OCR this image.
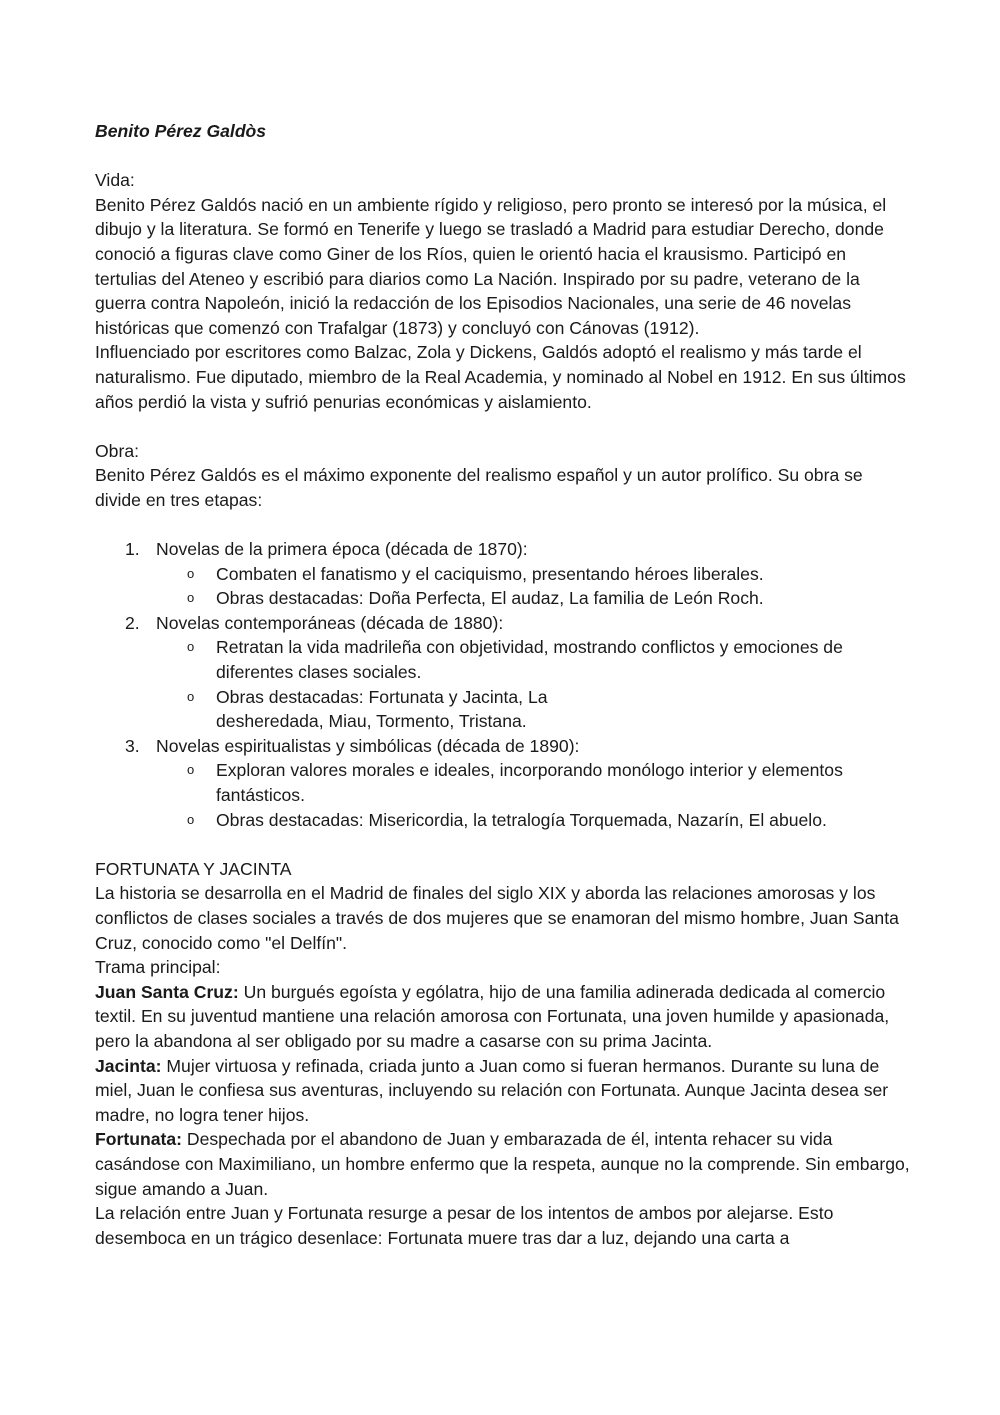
Benito Pérez Galdòs

Vida:

Benito Pérez Galdós nació en un ambiente rígido y religioso, pero pronto se interesó por la música, el dibujo y la literatura. Se formó en Tenerife y luego se trasladó a Madrid para estudiar Derecho, donde conoció a figuras clave como Giner de los Ríos, quien le orientó hacia el krausismo. Participó en tertulias del Ateneo y escribió para diarios como La Nación. Inspirado por su padre, veterano de la guerra contra Napoleón, inició la redacción de los Episodios Nacionales, una serie de 46 novelas históricas que comenzó con Trafalgar (1873) y concluyó con Cánovas (1912).

Influenciado por escritores como Balzac, Zola y Dickens, Galdós adoptó el realismo y más tarde el naturalismo. Fue diputado, miembro de la Real Academia, y nominado al Nobel en 1912. En sus últimos años perdió la vista y sufrió penurias económicas y aislamiento.

Obra:

Benito Pérez Galdós es el máximo exponente del realismo español y un autor prolífico. Su obra se divide en tres etapas:

1. Novelas de la primera época (década de 1870):
o Combaten el fanatismo y el caciquismo, presentando héroes liberales.
o Obras destacadas: Doña Perfecta, El audaz, La familia de León Roch.
2. Novelas contemporáneas (década de 1880):
o Retratan la vida madrileña con objetividad, mostrando conflictos y emociones de diferentes clases sociales.
o Obras destacadas: Fortunata y Jacinta, La desheredada, Miau, Tormento, Tristana.
3. Novelas espiritualistas y simbólicas (década de 1890):
o Exploran valores morales e ideales, incorporando monólogo interior y elementos fantásticos.
o Obras destacadas: Misericordia, la tetralogía Torquemada, Nazarín, El abuelo.

FORTUNATA Y JACINTA

La historia se desarrolla en el Madrid de finales del siglo XIX y aborda las relaciones amorosas y los conflictos de clases sociales a través de dos mujeres que se enamoran del mismo hombre, Juan Santa Cruz, conocido como "el Delfín".

Trama principal:

Juan Santa Cruz: Un burgués egoísta y ególatra, hijo de una familia adinerada dedicada al comercio textil. En su juventud mantiene una relación amorosa con Fortunata, una joven humilde y apasionada, pero la abandona al ser obligado por su madre a casarse con su prima Jacinta.

Jacinta: Mujer virtuosa y refinada, criada junto a Juan como si fueran hermanos. Durante su luna de miel, Juan le confiesa sus aventuras, incluyendo su relación con Fortunata. Aunque Jacinta desea ser madre, no logra tener hijos.

Fortunata: Despechada por el abandono de Juan y embarazada de él, intenta rehacer su vida casándose con Maximiliano, un hombre enfermo que la respeta, aunque no la comprende. Sin embargo, sigue amando a Juan.

La relación entre Juan y Fortunata resurge a pesar de los intentos de ambos por alejarse. Esto desemboca en un trágico desenlace: Fortunata muere tras dar a luz, dejando una carta a
